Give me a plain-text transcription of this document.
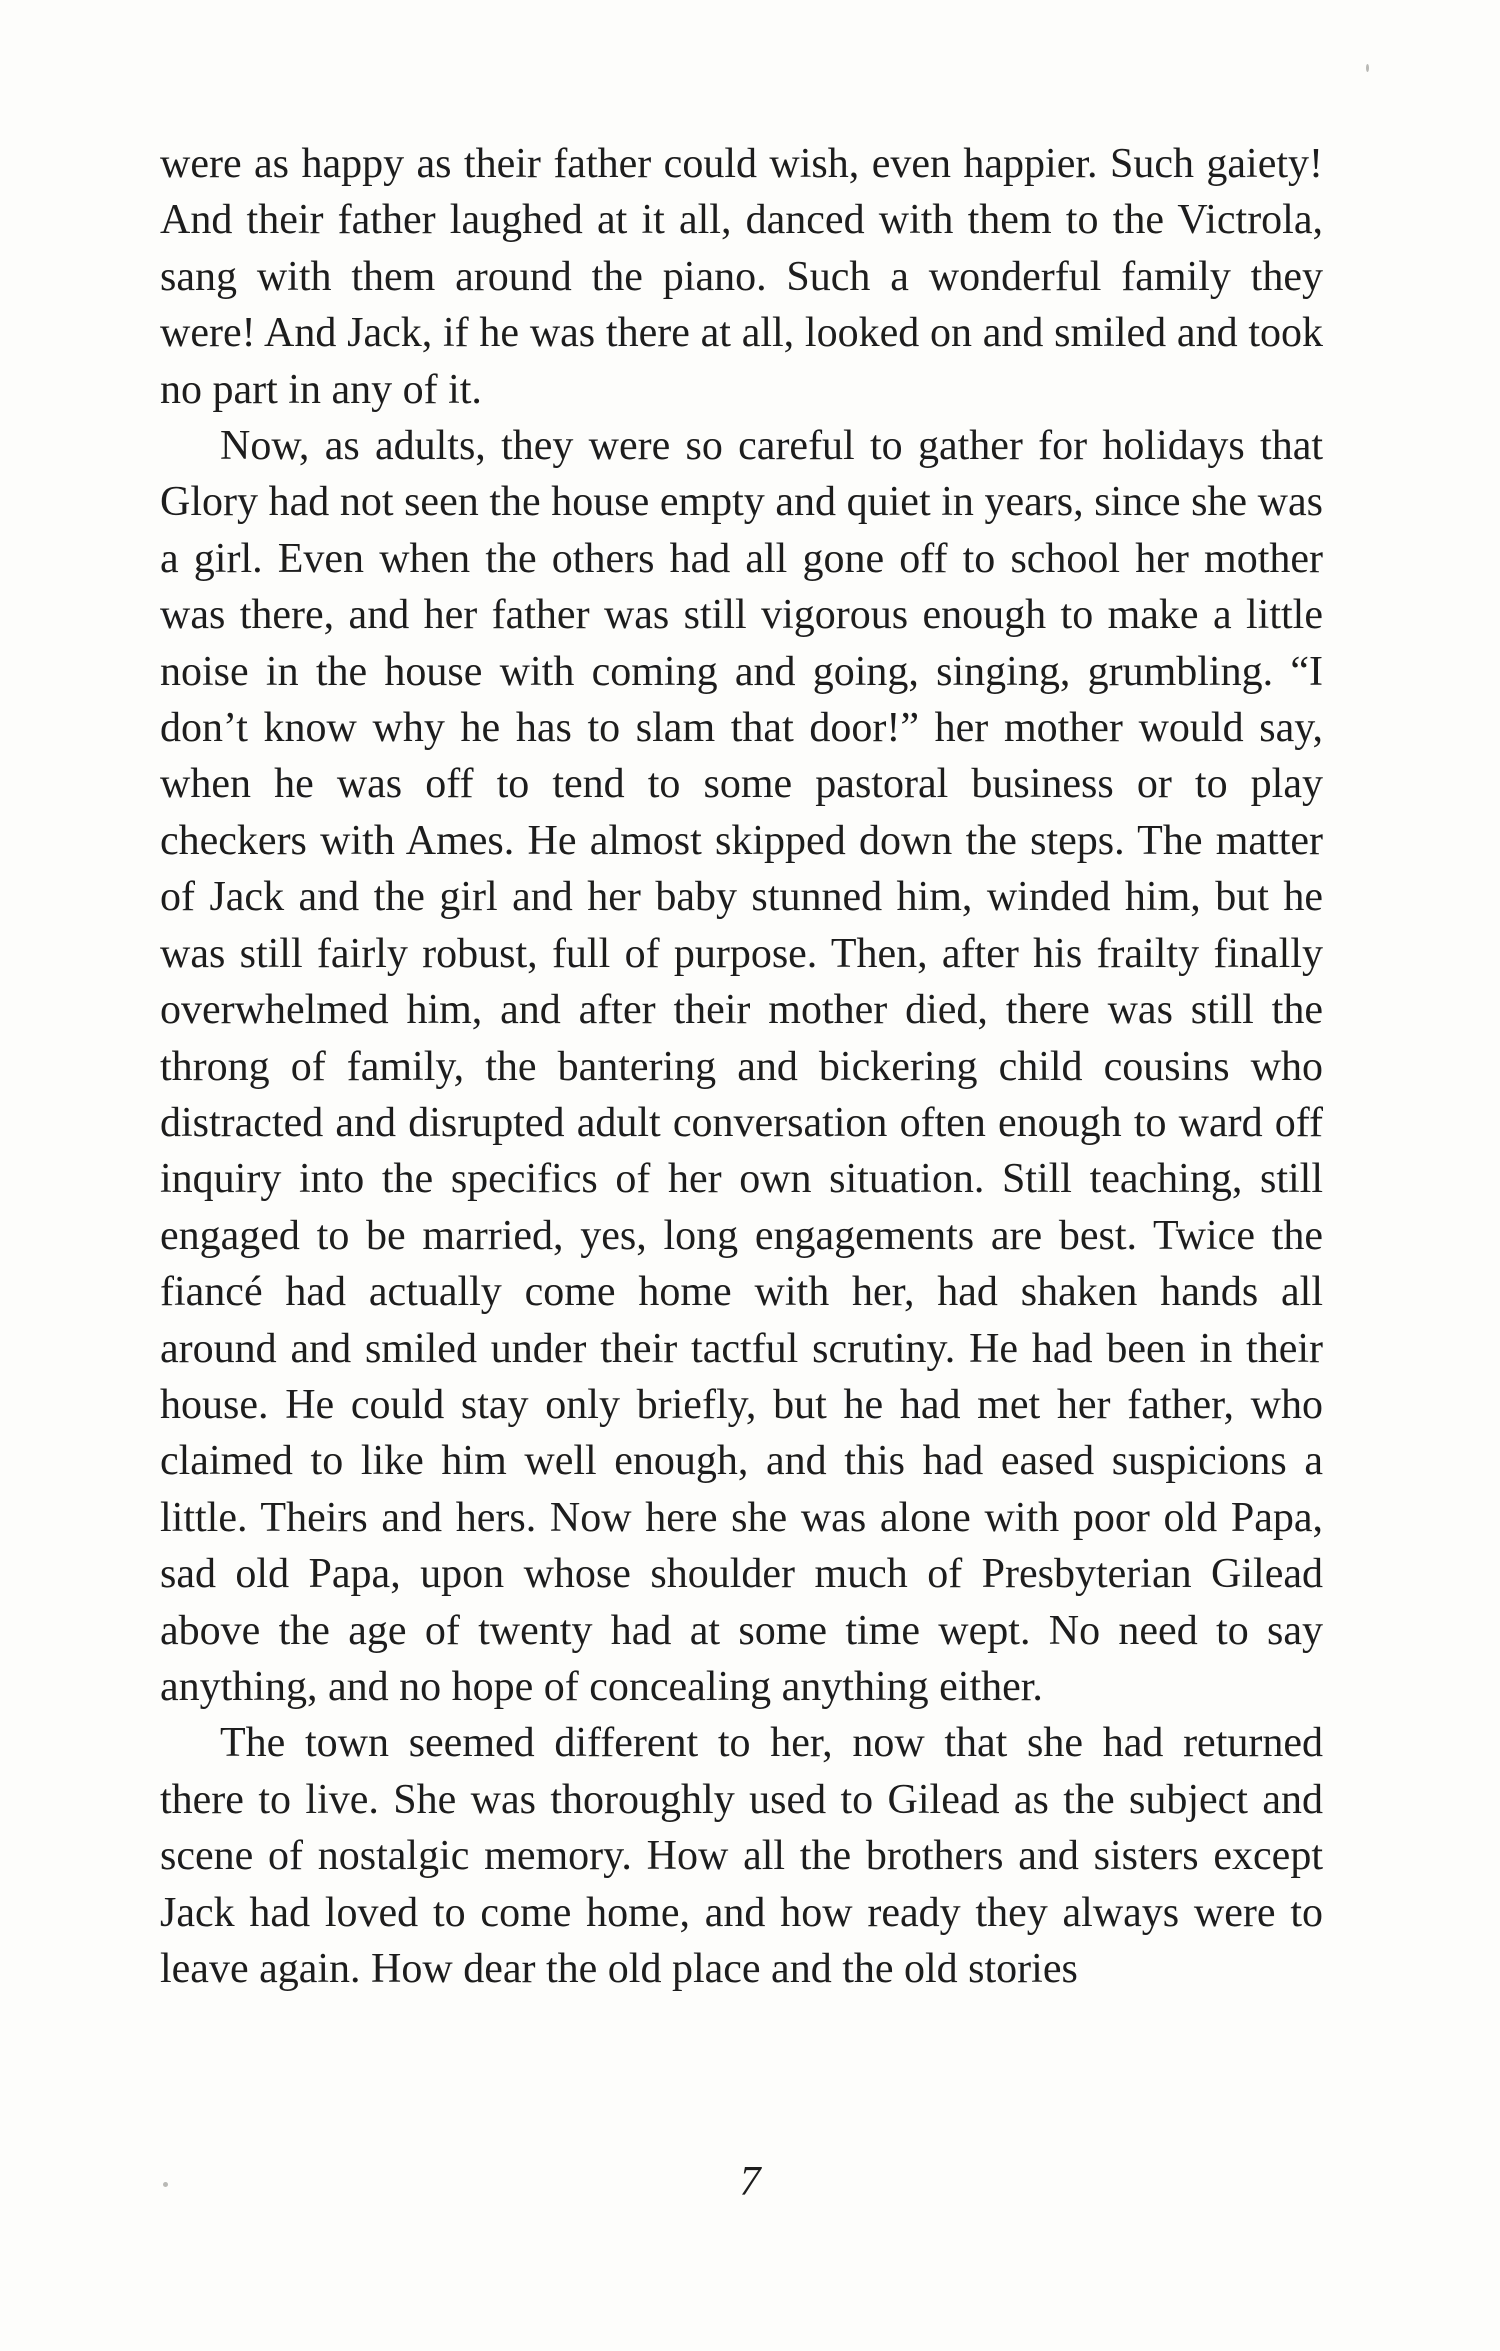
were as happy as their father could wish, even happier. Such gaiety! And their father laughed at it all, danced with them to the Victrola, sang with them around the piano. Such a wonderful family they were! And Jack, if he was there at all, looked on and smiled and took no part in any of it.

Now, as adults, they were so careful to gather for holidays that Glory had not seen the house empty and quiet in years, since she was a girl. Even when the others had all gone off to school her mother was there, and her father was still vigorous enough to make a little noise in the house with coming and going, singing, grumbling. “I don’t know why he has to slam that door!” her mother would say, when he was off to tend to some pastoral business or to play checkers with Ames. He almost skipped down the steps. The matter of Jack and the girl and her baby stunned him, winded him, but he was still fairly robust, full of purpose. Then, after his frailty finally overwhelmed him, and after their mother died, there was still the throng of family, the bantering and bickering child cousins who distracted and disrupted adult conversation often enough to ward off inquiry into the specifics of her own situation. Still teaching, still engaged to be married, yes, long engagements are best. Twice the fiancé had actually come home with her, had shaken hands all around and smiled under their tactful scrutiny. He had been in their house. He could stay only briefly, but he had met her father, who claimed to like him well enough, and this had eased suspicions a little. Theirs and hers. Now here she was alone with poor old Papa, sad old Papa, upon whose shoulder much of Presbyterian Gilead above the age of twenty had at some time wept. No need to say anything, and no hope of concealing anything either.

The town seemed different to her, now that she had returned there to live. She was thoroughly used to Gilead as the subject and scene of nostalgic memory. How all the brothers and sisters except Jack had loved to come home, and how ready they always were to leave again. How dear the old place and the old stories

7
